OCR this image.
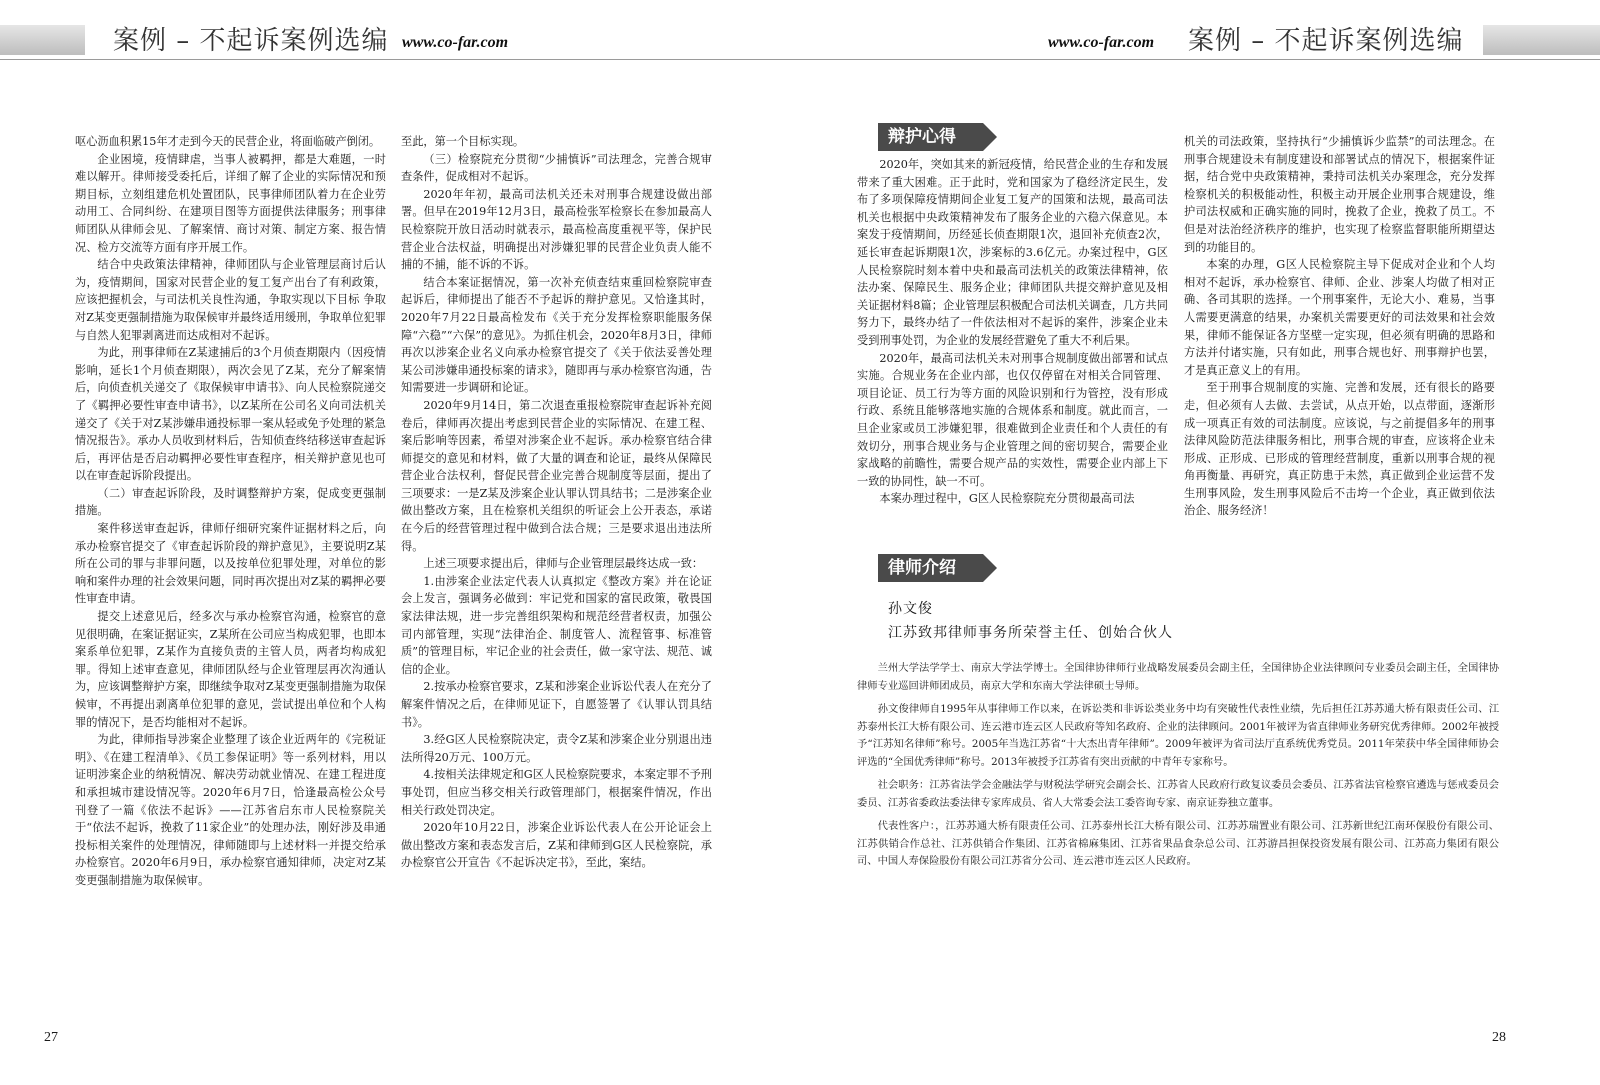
案例 – 不起诉案例选编 www.co-far.com

呕心沥血积累15年才走到今天的民营企业，将面临破产倒闭。

企业困境，疫情肆虐，当事人被羁押，都是大难题，一时难以解开。律师接受委托后，详细了解了企业的实际情况和预期目标，立刻组建危机处置团队，民事律师团队着力在企业劳动用工、合同纠纷、在建项目图等方面提供法律服务；刑事律师团队从律师会见、了解案情、商讨对策、制定方案、报告情况、检方交流等方面有序开展工作。

结合中央政策法律精神，律师团队与企业管理层商讨后认为，疫情期间，国家对民营企业的复工复产出台了有利政策，应该把握机会，与司法机关良性沟通，争取实现以下目标 争取对Z某变更强制措施为取保候审并最终适用缓刑，争取单位犯罪与自然人犯罪剥离进而达成相对不起诉。

为此，刑事律师在Z某逮捕后的3个月侦查期限内（因疫情影响，延长1个月侦查期限），两次会见了Z某，充分了解案情后，向侦查机关递交了《取保候审申请书》、向人民检察院递交了《羁押必要性审查申请书》，以Z某所在公司名义向司法机关递交了《关于对Z某涉嫌串通投标罪一案从轻或免予处理的紧急情况报告》。承办人员收到材料后，告知侦查终结移送审查起诉后，再评估是否启动羁押必要性审查程序，相关辩护意见也可以在审查起诉阶段提出。

（二）审查起诉阶段，及时调整辩护方案，促成变更强制措施。

案件移送审查起诉，律师仔细研究案件证据材料之后，向承办检察官提交了《审查起诉阶段的辩护意见》，主要说明Z某所在公司的罪与非罪问题，以及按单位犯罪处理，对单位的影响和案件办理的社会效果问题，同时再次提出对Z某的羁押必要性审查申请。

提交上述意见后，经多次与承办检察官沟通，检察官的意见很明确，在案证据证实，Z某所在公司应当构成犯罪，也即本案系单位犯罪，Z某作为直接负责的主管人员，两者均构成犯罪。得知上述审查意见，律师团队经与企业管理层再次沟通认为，应该调整辩护方案，即继续争取对Z某变更强制措施为取保候审，不再提出剥离单位犯罪的意见，尝试提出单位和个人构罪的情况下，是否均能相对不起诉。

为此，律师指导涉案企业整理了该企业近两年的《完税证明》、《在建工程清单》、《员工参保证明》等一系列材料，用以证明涉案企业的纳税情况、解决劳动就业情况、在建工程进度和承担城市建设情况等。2020年6月7日，恰逢最高检公众号刊登了一篇《依法不起诉》——江苏省启东市人民检察院关于“依法不起诉，挽救了11家企业”的处理办法，刚好涉及串通投标相关案件的处理情况，律师随即与上述材料一并提交给承办检察官。2020年6月9日，承办检察官通知律师，决定对Z某变更强制措施为取保候审。

至此，第一个目标实现。

（三）检察院充分贯彻“少捕慎诉”司法理念，完善合规审查条件，促成相对不起诉。

2020年年初，最高司法机关还未对刑事合规建设做出部署。但早在2019年12月3日，最高检张军检察长在参加最高人民检察院开放日活动时就表示，最高检高度重视平等，保护民营企业合法权益，明确提出对涉嫌犯罪的民营企业负责人能不捕的不捕，能不诉的不诉。

结合本案证据情况，第一次补充侦查结束重回检察院审查起诉后，律师提出了能否不予起诉的辩护意见。又恰逢其时，2020年7月22日最高检发布《关于充分发挥检察职能服务保障“六稳”“六保”的意见》。为抓住机会，2020年8月3日，律师再次以涉案企业名义向承办检察官提交了《关于依法妥善处理某公司涉嫌串通投标案的请求》，随即再与承办检察官沟通，告知需要进一步调研和论证。

2020年9月14日，第二次退查重报检察院审查起诉补充阅卷后，律师再次提出考虑到民营企业的实际情况、在建工程、案后影响等因素，希望对涉案企业不起诉。承办检察官结合律师提交的意见和材料，做了大量的调查和论证，最终从保障民营企业合法权利，督促民营企业完善合规制度等层面，提出了三项要求：一是Z某及涉案企业认罪认罚具结书；二是涉案企业做出整改方案，且在检察机关组织的听证会上公开表态，承诺在今后的经营管理过程中做到合法合规；三是要求退出违法所得。

上述三项要求提出后，律师与企业管理层最终达成一致：

1.由涉案企业法定代表人认真拟定《整改方案》并在论证会上发言，强调务必做到：牢记党和国家的富民政策，敬畏国家法律法规，进一步完善组织架构和规范经营者权责，加强公司内部管理，实现“法律治企、制度管人、流程管事、标准管质”的管理目标，牢记企业的社会责任，做一家守法、规范、诚信的企业。

2.按承办检察官要求，Z某和涉案企业诉讼代表人在充分了解案件情况之后，在律师见证下，自愿签署了《认罪认罚具结书》。

3.经G区人民检察院决定，责令Z某和涉案企业分别退出违法所得20万元、100万元。

4.按相关法律规定和G区人民检察院要求，本案定罪不予刑事处罚，但应当移交相关行政管理部门，根据案件情况，作出相关行政处罚决定。

2020年10月22日，涉案企业诉讼代表人在公开论证会上做出整改方案和表态发言后，Z某和律师到G区人民检察院，承办检察官公开宣告《不起诉决定书》，至此，案结。

27
www.co-far.com 案例 – 不起诉案例选编
辩护心得

2020年，突如其来的新冠疫情，给民营企业的生存和发展带来了重大困难。正于此时，党和国家为了稳经济定民生，发布了多项保障疫情期间企业复工复产的国策和法规，最高司法机关也根据中央政策精神发布了服务企业的六稳六保意见。本案发于疫情期间，历经延长侦查期限1次，退回补充侦查2次，延长审查起诉期限1次，涉案标的3.6亿元。办案过程中，G区人民检察院时刻本着中央和最高司法机关的政策法律精神，依法办案、保障民生、服务企业；律师团队共提交辩护意见及相关证据材料8篇；企业管理层积极配合司法机关调查，几方共同努力下，最终办结了一件依法相对不起诉的案件，涉案企业未受到刑事处罚，为企业的发展经营避免了重大不利后果。

2020年，最高司法机关未对刑事合规制度做出部署和试点实施。合规业务在企业内部，也仅仅停留在对相关合同管理、项目论证、员工行为等方面的风险识别和行为管控，没有形成行政、系统且能够落地实施的合规体系和制度。就此而言，一旦企业家或员工涉嫌犯罪，很难做到企业责任和个人责任的有效切分，刑事合规业务与企业管理之间的密切契合，需要企业家战略的前瞻性，需要合规产品的实效性，需要企业内部上下一致的协同性，缺一不可。

本案办理过程中，G区人民检察院充分贯彻最高司法

机关的司法政策，坚持执行“少捕慎诉少监禁”的司法理念。在刑事合规建设未有制度建设和部署试点的情况下，根据案件证据，结合党中央政策精神，秉持司法机关办案理念，充分发挥检察机关的积极能动性，积极主动开展企业刑事合规建设，维护司法权威和正确实施的同时，挽救了企业，挽救了员工。不但是对法治经济秩序的维护，也实现了检察监督职能所期望达到的功能目的。

本案的办理，G区人民检察院主导下促成对企业和个人均相对不起诉，承办检察官、律师、企业、涉案人均做了相对正确、各司其职的选择。一个刑事案件，无论大小、难易，当事人需要更满意的结果，办案机关需要更好的司法效果和社会效果，律师不能保证各方坚壁一定实现，但必须有明确的思路和方法并付诸实施，只有如此，刑事合规也好、刑事辩护也罢，才是真正意义上的有用。

至于刑事合规制度的实施、完善和发展，还有很长的路要走，但必须有人去做、去尝试，从点开始，以点带面，逐渐形成一项真正有效的司法制度。应该说，与之前提倡多年的刑事法律风险防范法律服务相比，刑事合规的审查，应该将企业未形成、正形成、已形成的管理经营制度，重新以刑事合规的视角再衡量、再研究，真正防患于未然，真正做到企业运营不发生刑事风险，发生刑事风险后不击垮一个企业，真正做到依法治企、服务经济！

律师介绍
孙文俊
江苏致邦律师事务所荣誉主任、创始合伙人

兰州大学法学学士、南京大学法学博士。全国律协律师行业战略发展委员会副主任，全国律协企业法律顾问专业委员会副主任，全国律协律师专业巡回讲师团成员，南京大学和东南大学法律硕士导师。

孙文俊律师自1995年从事律师工作以来，在诉讼类和非诉讼类业务中均有突破性代表性业绩，先后担任江苏苏通大桥有限责任公司、江苏泰州长江大桥有限公司、连云港市连云区人民政府等知名政府、企业的法律顾问。2001年被评为省直律师业务研究优秀律师。2002年被授予“江苏知名律师”称号。2005年当选江苏省“十大杰出青年律师”。2009年被评为省司法厅直系统优秀党员。2011年荣获中华全国律师协会评选的“全国优秀律师”称号。2013年被授予江苏省有突出贡献的中青年专家称号。

社会职务：江苏省法学会金融法学与财税法学研究会副会长、江苏省人民政府行政复议委员会委员、江苏省法官检察官遴选与惩戒委员会委员、江苏省委政法委法律专家库成员、省人大常委会法工委咨询专家、南京证券独立董事。

代表性客户：，江苏苏通大桥有限责任公司、江苏泰州长江大桥有限公司、江苏苏瑞置业有限公司、江苏新世纪江南环保股份有限公司、江苏供销合作总社、江苏供销合作集团、江苏省棉麻集团、江苏省果品食杂总公司、江苏游昌担保投资发展有限公司、江苏高力集团有限公司、中国人寿保险股份有限公司江苏省分公司、连云港市连云区人民政府。

28
